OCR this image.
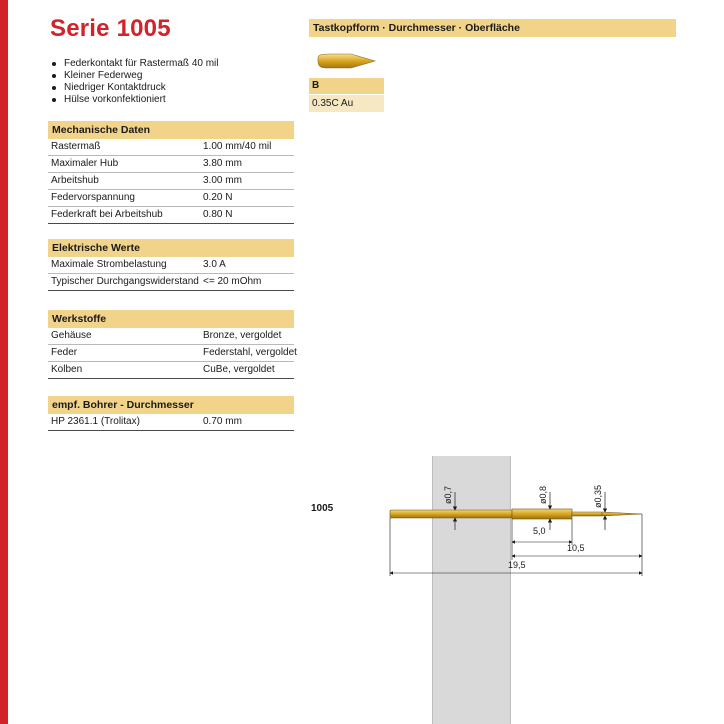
Serie 1005
Federkontakt für Rastermaß 40 mil
Kleiner Federweg
Niedriger Kontaktdruck
Hülse vorkonfektioniert
Mechanische Daten
Rastermaß	1.00 mm/40 mil
Maximaler Hub	3.80 mm
Arbeitshub	3.00 mm
Federvorspannung	0.20 N
Federkraft bei Arbeitshub	0.80 N
Elektrische Werte
Maximale Strombelastung	3.0 A
Typischer Durchgangswiderstand <= 20 mOhm
Werkstoffe
Gehäuse	Bronze, vergoldet
Feder	Federstahl, vergoldet
Kolben	CuBe, vergoldet
empf. Bohrer - Durchmesser
HP 2361.1 (Trolitax)	0.70 mm
Tastkopfform · Durchmesser · Oberfläche
B
0.35C Au
1005
ø0,7	ø0,8	ø0,35
5,0
10,5
19,5
